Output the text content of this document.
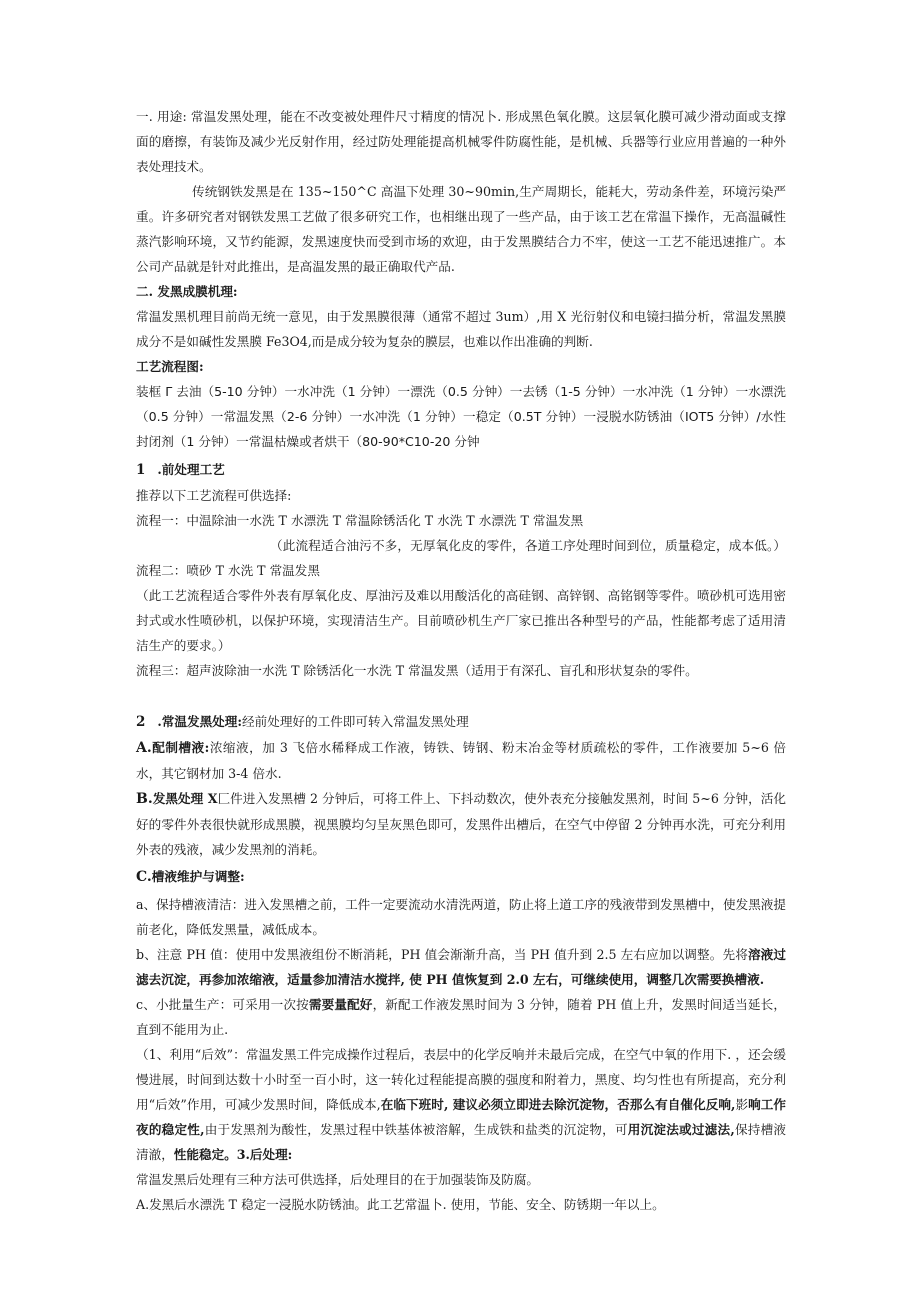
一. 用途: 常温发黑处理，能在不改变被处理件尺寸精度的情况卜. 形成黑色氧化膜。这层氧化膜可减少滑动面或支撑面的磨擦，有装饰及减少光反射作用，经过防处理能提高机械零件防腐性能，是机械、兵器等行业应用普遍的一种外表处理技术。

传统钢铁发黑是在 135~150^C 高温下处理 30~90min,生产周期长，能耗大，劳动条件差，环境污染严重。许多研究者对钢铁发黑工艺做了很多研究工作，也相继出现了一些产品，由于该工艺在常温下操作，无高温碱性蒸汽影响环境，又节约能源，发黑速度快而受到市场的欢迎，由于发黑膜结合力不牢，使这一工艺不能迅速推广。本公司产品就是针对此推出，是高温发黑的最正确取代产品.

二. 发黑成膜机理:

常温发黑机理目前尚无统一意见，由于发黑膜很薄（通常不超过 3um）,用 X 光衍射仪和电镜扫描分析，常温发黑膜成分不是如碱性发黑膜 Fe3O4,而是成分较为复杂的膜层，也难以作出准确的判断.

工艺流程图:

装框 Γ 去油（5-10 分钟）一水冲洗（1 分钟）一漂洗（0.5 分钟）一去锈（1-5 分钟）一水冲洗（1 分钟）一水漂洗（0.5 分钟）一常温发黑（2-6 分钟）一水冲洗（1 分钟）一稳定（0.5T 分钟）一浸脱水防锈油（IOT5 分钟）/水性封闭剂（1 分钟）一常温枯燥或者烘干（80-90*C10-20 分钟

1 .前处理工艺

推荐以下工艺流程可供选择:

流程一：中温除油一水洗 T 水漂洗 T 常温除锈活化 T 水洗 T 水漂洗 T 常温发黑

（此流程适合油污不多，无厚氧化皮的零件，各道工序处理时间到位，质量稳定，成本低。）流程二：喷砂 T 水洗 T 常温发黑

（此工艺流程适合零件外表有厚氧化皮、厚油污及难以用酸活化的高硅钢、高锌钢、高铭钢等零件。喷砂机可选用密封式或水性喷砂机，以保护环境，实现清洁生产。目前喷砂机生产厂家已推出各种型号的产品，性能都考虑了适用清洁生产的要求。）

流程三：超声波除油一水洗 T 除锈活化一水洗 T 常温发黑（适用于有深孔、盲孔和形状复杂的零件。

2 .常温发黑处理:经前处理好的工件即可转入常温发黑处理

A.配制槽液:浓缩液，加 3 飞倍水稀释成工作液，铸铁、铸钢、粉末冶金等材质疏松的零件，工作液要加 5~6 倍水，其它钢材加 3-4 倍水.

B.发黑处理 X匚件进入发黑槽 2 分钟后，可将工件上、下抖动数次，使外表充分接触发黑剂，时间 5~6 分钟，活化好的零件外表很快就形成黑膜，视黑膜均匀呈灰黑色即可，发黑件出槽后，在空气中停留 2 分钟再水洗，可充分利用外表的残液，减少发黑剂的消耗。

C.槽液维护与调整:

a、保持槽液清洁：进入发黑槽之前，工件一定要流动水清洗两道，防止将上道工序的残液带到发黑槽中，使发黑液提前老化，降低发黑量，减低成本。

b、注意 PH 值：使用中发黑液组份不断消耗，PH 值会渐渐升高，当 PH 值升到 2.5 左右应加以调整。先将溶液过滤去沉淀，再参加浓缩液，适量参加清洁水搅拌, 使 PH 值恢复到 2.0 左右，可继续使用，调整几次需要换槽液.

c、小批量生产：可采用一次按需要量配好，新配工作液发黑时间为 3 分钟，随着 PH 值上升，发黑时间适当延长，直到不能用为止.

（1、利用“后效”：常温发黑工件完成操作过程后，表层中的化学反响并未最后完成，在空气中氧的作用下. ，还会缓慢进展，时间到达数十小时至一百小时，这一转化过程能提高膜的强度和附着力，黑度、均匀性也有所提高，充分利用“后效”作用，可减少发黑时间，降低成本,在临下班时, 建议必须立即进去除沉淀物，否那么有自催化反响,影响工作夜的稳定性,由于发黑剂为酸性，发黑过程中铁基体被溶解，生成铁和盐类的沉淀物，可用沉淀法或过滤法,保持槽液清澈，性能稳定。3.后处理:

常温发黑后处理有三种方法可供选择，后处理目的在于加强装饰及防腐。

A.发黑后水漂洗 T 稳定一浸脱水防锈油。此工艺常温卜. 使用，节能、安全、防锈期一年以上。
